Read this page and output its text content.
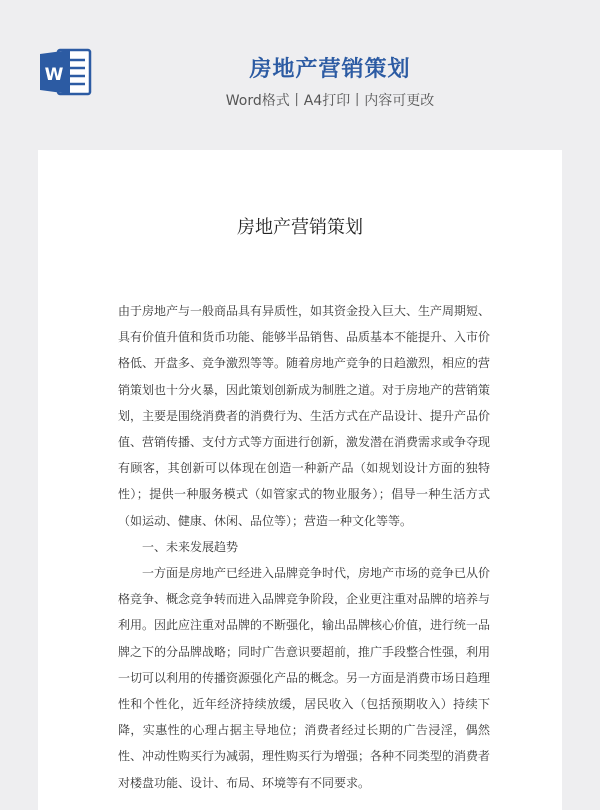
W	房地产营销策划
Word格式丨A4打印丨内容可更改
房地产营销策划

由于房地产与一般商品具有异质性，如其资金投入巨大、生产周期短、具有价值升值和货币功能、能够半品销售、品质基本不能提升、入市价格低、开盘多、竞争激烈等等。随着房地产竞争的日趋激烈，相应的营销策划也十分火暴，因此策划创新成为制胜之道。对于房地产的营销策划，主要是围绕消费者的消费行为、生活方式在产品设计、提升产品价值、营销传播、支付方式等方面进行创新，激发潜在消费需求或争夺现有顾客，其创新可以体现在创造一种新产品（如规划设计方面的独特性）；提供一种服务模式（如管家式的物业服务）；倡导一种生活方式（如运动、健康、休闲、品位等）；营造一种文化等等。

一、未来发展趋势

一方面是房地产已经进入品牌竞争时代，房地产市场的竞争已从价格竞争、概念竞争转而进入品牌竞争阶段，企业更注重对品牌的培养与利用。因此应注重对品牌的不断强化，输出品牌核心价值，进行统一品牌之下的分品牌战略；同时广告意识要超前，推广手段整合性强，利用一切可以利用的传播资源强化产品的概念。另一方面是消费市场日趋理性和个性化，近年经济持续放缓，居民收入（包括预期收入）持续下降，实惠性的心理占据主导地位；消费者经过长期的广告浸淫，偶然性、冲动性购买行为减弱，理性购买行为增强；各种不同类型的消费者对楼盘功能、设计、布局、环境等有不同要求。
